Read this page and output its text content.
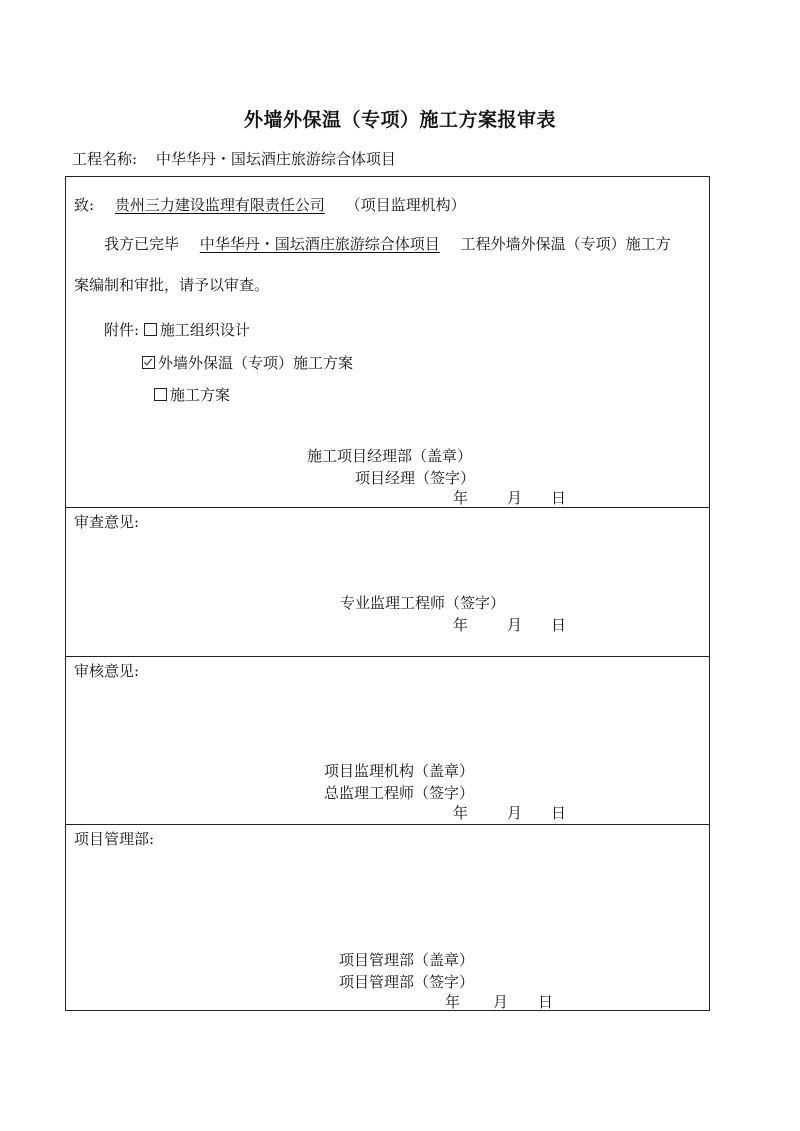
外墙外保温（专项）施工方案报审表
工程名称: 中华华丹・国坛酒庄旅游综合体项目
致: 贵州三力建设监理有限责任公司 （项目监理机构）
我方已完毕 中华华丹・国坛酒庄旅游综合体项目 工程外墙外保温（专项）施工方
案编制和审批，请予以审查。
附件: 施工组织设计
外墙外保温（专项）施工方案
施工方案
施工项目经理部（盖章）
项目经理（签字）
年	月 日
审查意见:
专业监理工程师（签字）
年	月 日
审核意见:
项目监理机构（盖章）
总监理工程师（签字）
年	月 日
项目管理部:
项目管理部（盖章）
项目管理部（签字）
年 月 日
